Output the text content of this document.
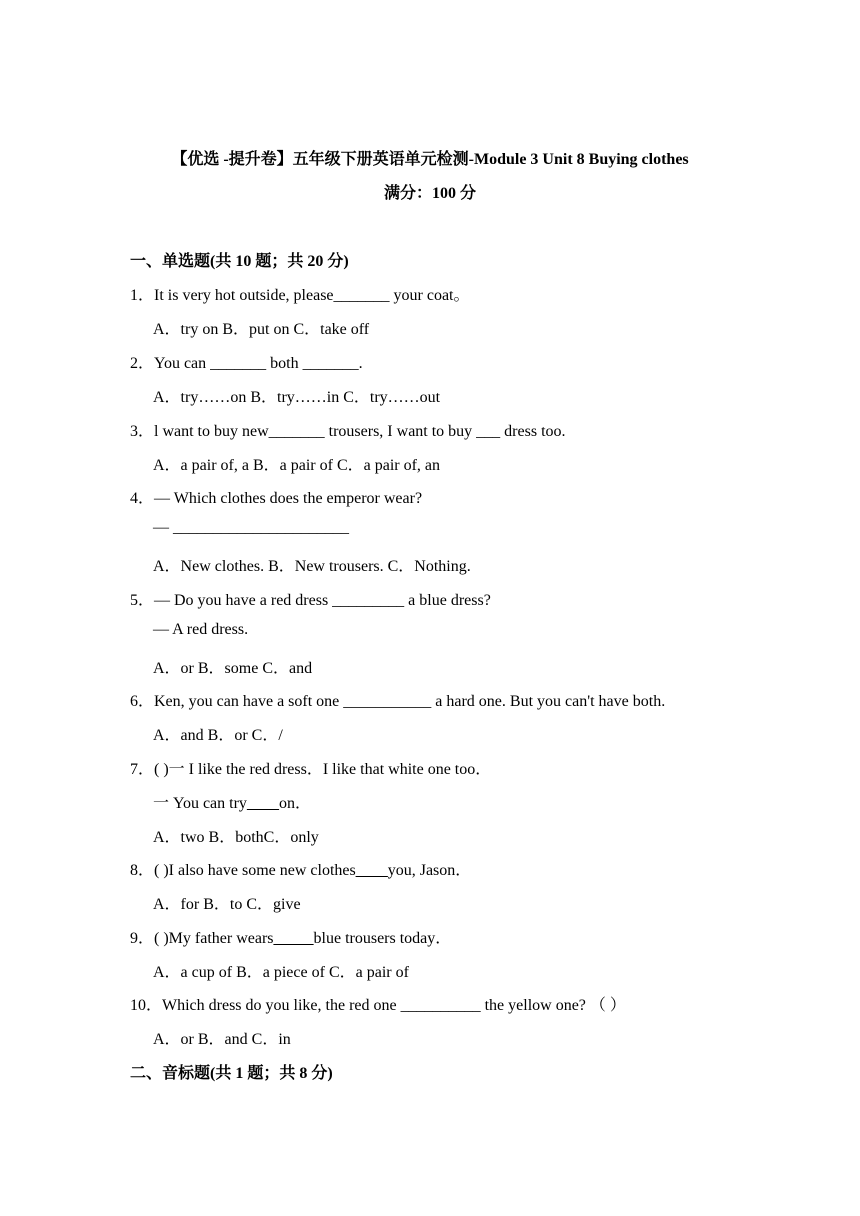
【优选 -提升卷】五年级下册英语单元检测-Module 3 Unit 8 Buying clothes
满分：100 分
一、单选题(共 10 题；共 20 分)
1．It is very hot outside, please_______ your coat。
A．try on B．put on C．take off
2．You can _______ both _______.
A．try……on B．try……in C．try……out
3．l want to buy new_______ trousers, I want to buy ___ dress too.
A．a pair of, a B．a pair of C．a pair of, an
4．— Which clothes does the emperor wear?
— ______________________
A．New clothes. B．New trousers. C．Nothing.
5．— Do you have a red dress _________ a blue dress?
— A red dress.
A．or B．some C．and
6．Ken, you can have a soft one ___________ a hard one. But you can't have both.
A．and B．or C．/
7．( )一 I like the red dress．I like that white one too．
一 You can try____on．
A．two B．bothC．only
8．( )I also have some new clothes____you, Jason．
A．for B．to C．give
9．( )My father wears_____blue trousers today．
A．a cup of B．a piece of C．a pair of
10．Which dress do you like, the red one __________ the yellow one? （ ）
A．or B．and C．in
二、音标题(共 1 题；共 8 分)
